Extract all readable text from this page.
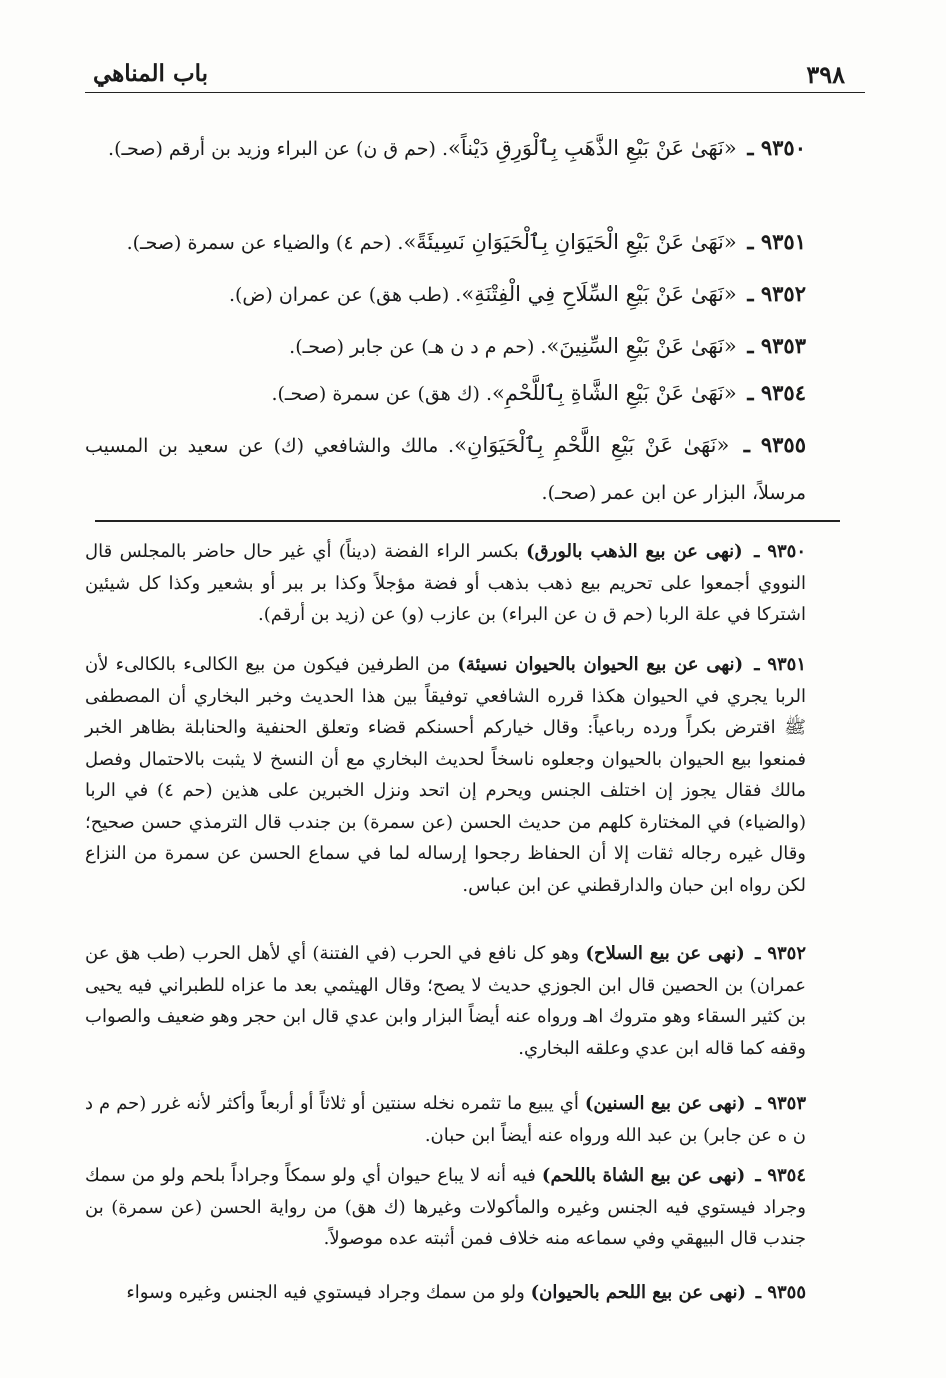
٣٩٨
باب المناهي
٩٣٥٠ ـ «نَهَىٰ عَنْ بَيْعِ الذَّهَبِ بِٱلْوَرِقِ دَيْناً». (حم ق ن) عن البراء وزيد بن أرقم (صحـ).
٩٣٥١ ـ «نَهَىٰ عَنْ بَيْعِ الْحَيَوَانِ بِٱلْحَيَوَانِ نَسِيئَةً». (حم ٤) والضياء عن سمرة (صحـ).
٩٣٥٢ ـ «نَهَىٰ عَنْ بَيْعِ السِّلَاحِ فِي الْفِتْنَةِ». (طب هق) عن عمران (ض).
٩٣٥٣ ـ «نَهَىٰ عَنْ بَيْعِ السِّنِينَ». (حم م د ن هـ) عن جابر (صحـ).
٩٣٥٤ ـ «نَهَىٰ عَنْ بَيْعِ الشَّاةِ بِٱللَّحْمِ». (ك هق) عن سمرة (صحـ).
٩٣٥٥ ـ «نَهَىٰ عَنْ بَيْعِ اللَّحْمِ بِٱلْحَيَوَانِ». مالك والشافعي (ك) عن سعيد بن المسيب مرسلاً، البزار عن ابن عمر (صحـ).
٩٣٥٠ ـ (نهى عن بيع الذهب بالورق) بكسر الراء الفضة (ديناً) أي غير حال حاضر بالمجلس قال النووي أجمعوا على تحريم بيع ذهب بذهب أو فضة مؤجلاً وكذا بر ببر أو بشعير وكذا كل شيئين اشتركا في علة الربا (حم ق ن عن البراء) بن عازب (و) عن (زيد بن أرقم).
٩٣٥١ ـ (نهى عن بيع الحيوان بالحيوان نسيئة) من الطرفين فيكون من بيع الكالىء بالكالىء لأن الربا يجري في الحيوان هكذا قرره الشافعي توفيقاً بين هذا الحديث وخبر البخاري أن المصطفى ﷺ اقترض بكراً ورده رباعياً: وقال خياركم أحسنكم قضاء وتعلق الحنفية والحنابلة بظاهر الخبر فمنعوا بيع الحيوان بالحيوان وجعلوه ناسخاً لحديث البخاري مع أن النسخ لا يثبت بالاحتمال وفصل مالك فقال يجوز إن اختلف الجنس ويحرم إن اتحد ونزل الخبرين على هذين (حم ٤) في الربا (والضياء) في المختارة كلهم من حديث الحسن (عن سمرة) بن جندب قال الترمذي حسن صحيح؛ وقال غيره رجاله ثقات إلا أن الحفاظ رجحوا إرساله لما في سماع الحسن عن سمرة من النزاع لكن رواه ابن حبان والدارقطني عن ابن عباس.
٩٣٥٢ ـ (نهى عن بيع السلاح) وهو كل نافع في الحرب (في الفتنة) أي لأهل الحرب (طب هق عن عمران) بن الحصين قال ابن الجوزي حديث لا يصح؛ وقال الهيثمي بعد ما عزاه للطبراني فيه يحيى بن كثير السقاء وهو متروك اهـ ورواه عنه أيضاً البزار وابن عدي قال ابن حجر وهو ضعيف والصواب وقفه كما قاله ابن عدي وعلقه البخاري.
٩٣٥٣ ـ (نهى عن بيع السنين) أي يبيع ما تثمره نخله سنتين أو ثلاثاً أو أربعاً وأكثر لأنه غرر (حم م د ن ه عن جابر) بن عبد الله ورواه عنه أيضاً ابن حبان.
٩٣٥٤ ـ (نهى عن بيع الشاة باللحم) فيه أنه لا يباع حيوان أي ولو سمكاً وجراداً بلحم ولو من سمك وجراد فيستوي فيه الجنس وغيره والمأكولات وغيرها (ك هق) من رواية الحسن (عن سمرة) بن جندب قال البيهقي وفي سماعه منه خلاف فمن أثبته عده موصولاً.
٩٣٥٥ ـ (نهى عن بيع اللحم بالحيوان) ولو من سمك وجراد فيستوي فيه الجنس وغيره وسواء
